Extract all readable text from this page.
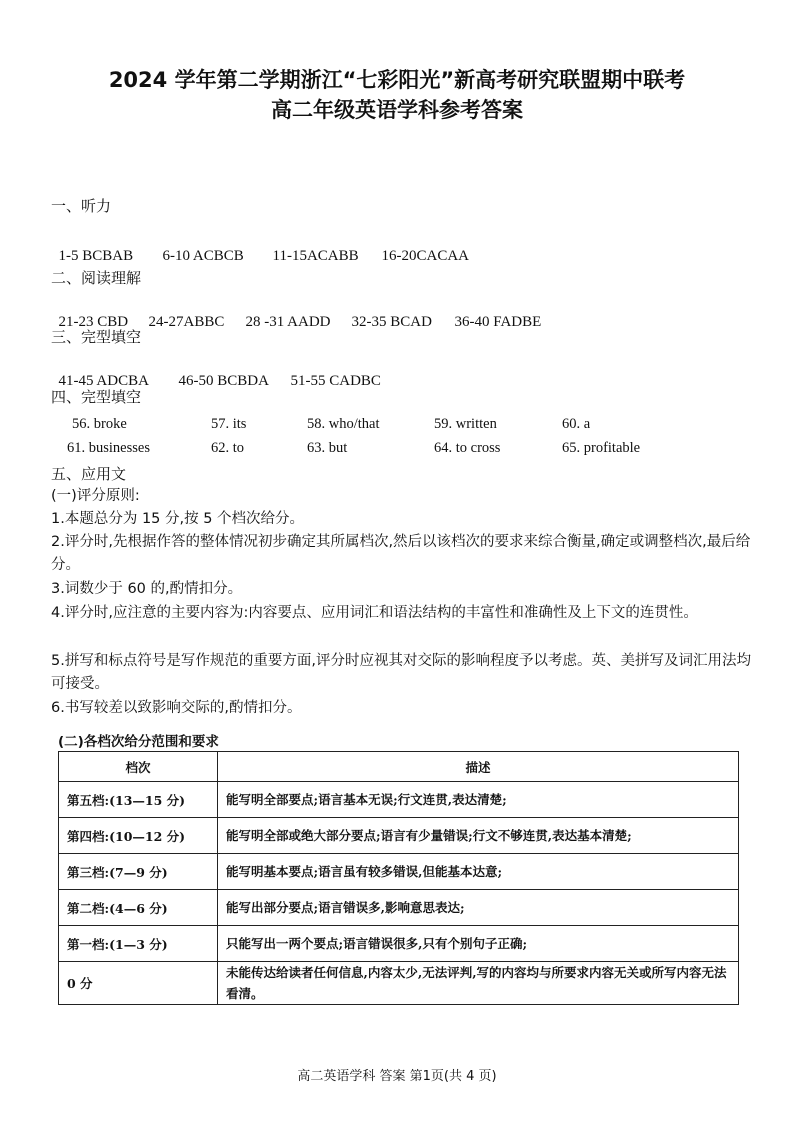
2024 学年第二学期浙江“七彩阳光”新高考研究联盟期中联考
高二年级英语学科参考答案
一、听力

1-5 BCBAB 6-10 ACBCB 11-15ACABB 16-20CACAA

二、阅读理解

21-23 CBD 24-27ABBC 28 -31 AADD 32-35 BCAD 36-40 FADBE

三、完型填空

41-45 ADCBA 46-50 BCBDA 51-55 CADBC

四、完型填空
56. broke	57. its	58. who/that	59. written	60. a
61. businesses	62. to	63. but	64. to cross	65. profitable
五、应用文
(一)评分原则:
1.本题总分为 15 分,按 5 个档次给分。
2.评分时,先根据作答的整体情况初步确定其所属档次,然后以该档次的要求来综合衡量,确定或调整档次,最后给分。
3.词数少于 60 的,酌情扣分。
4.评分时,应注意的主要内容为:内容要点、应用词汇和语法结构的丰富性和准确性及上下文的连贯性。
5.拼写和标点符号是写作规范的重要方面,评分时应视其对交际的影响程度予以考虑。英、美拼写及词汇用法均可接受。
6.书写较差以致影响交际的,酌情扣分。
(二)各档次给分范围和要求
档次	描述
第五档:(13—15 分)	能写明全部要点;语言基本无误;行文连贯,表达清楚;
第四档:(10—12 分)	能写明全部或绝大部分要点;语言有少量错误;行文不够连贯,表达基本清楚;
第三档:(7—9 分)	能写明基本要点;语言虽有较多错误,但能基本达意;
第二档:(4—6 分)	能写出部分要点;语言错误多,影响意思表达;
第一档:(1—3 分)	只能写出一两个要点;语言错误很多,只有个别句子正确;
0 分	未能传达给读者任何信息,内容太少,无法评判,写的内容均与所要求内容无关或所写内容无法看清。
高二英语学科 答案 第1页(共 4 页)
